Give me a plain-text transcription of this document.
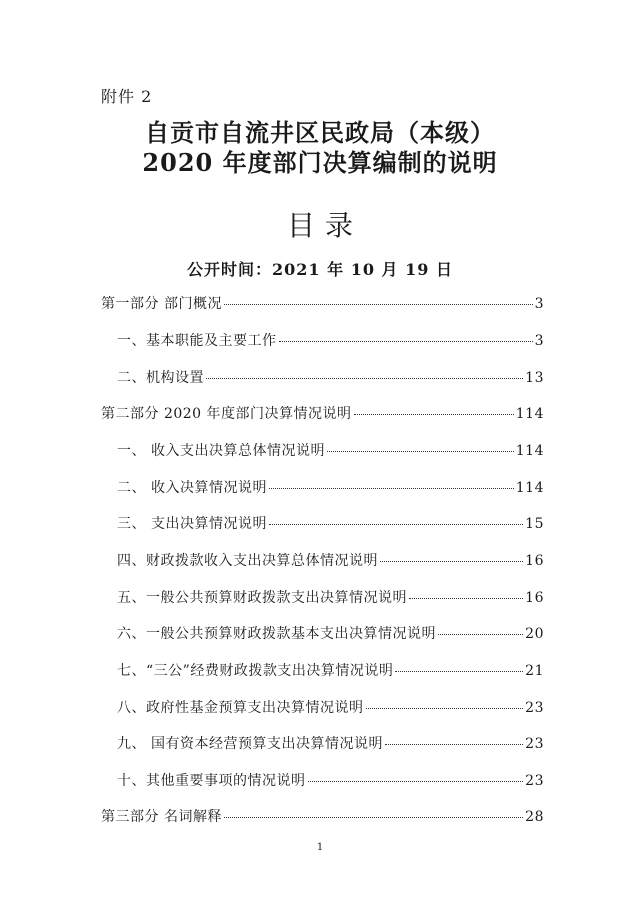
附件 2
自贡市自流井区民政局（本级）
2020 年度部门决算编制的说明
目录
公开时间：2021 年 10 月 19 日
第一部分 部门概况	3
一、基本职能及主要工作	3
二、机构设置	13
第二部分 2020 年度部门决算情况说明	114
一、 收入支出决算总体情况说明	114
二、 收入决算情况说明	114
三、 支出决算情况说明	15
四、财政拨款收入支出决算总体情况说明	16
五、一般公共预算财政拨款支出决算情况说明	16
六、一般公共预算财政拨款基本支出决算情况说明	20
七、“三公”经费财政拨款支出决算情况说明	21
八、政府性基金预算支出决算情况说明	23
九、 国有资本经营预算支出决算情况说明	23
十、其他重要事项的情况说明	23
第三部分 名词解释	28
1
